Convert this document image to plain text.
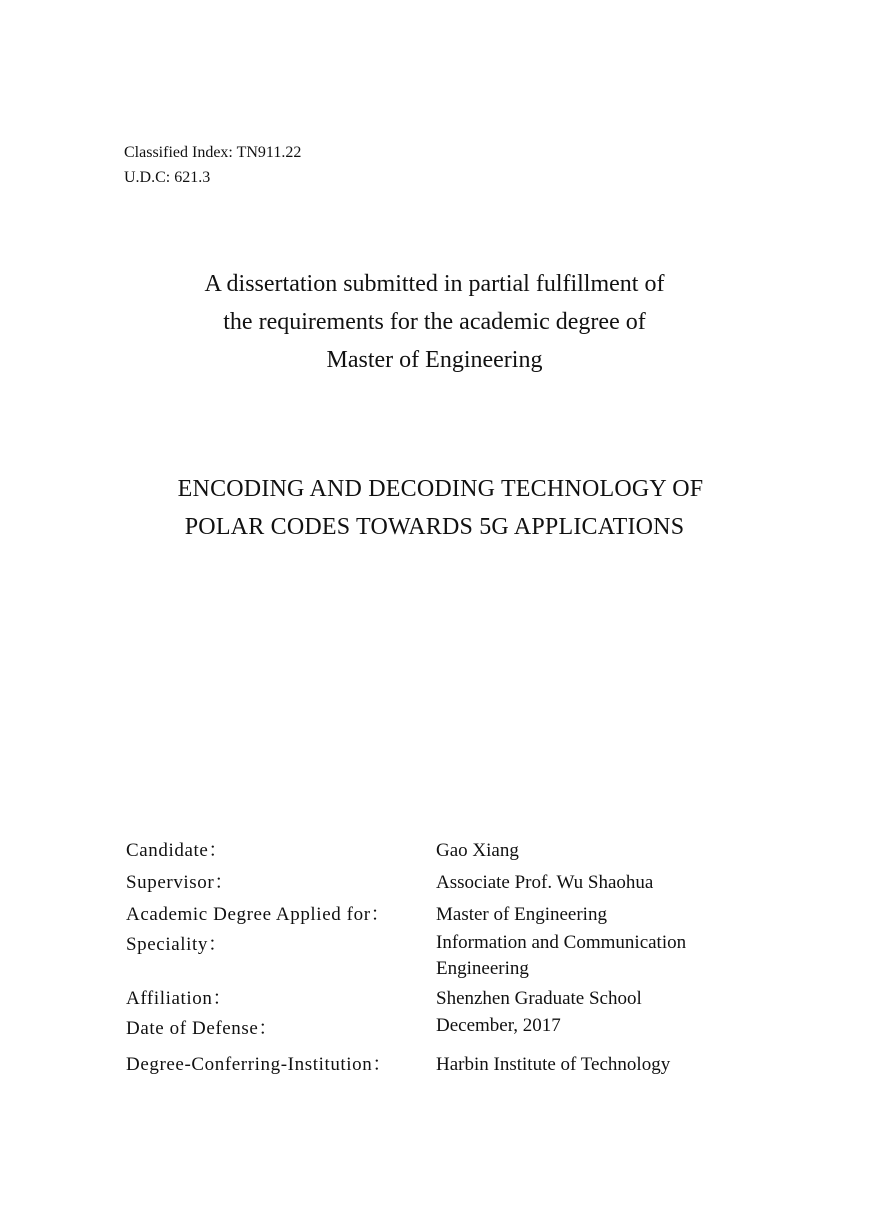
Classified Index: TN911.22
U.D.C: 621.3
A dissertation submitted in partial fulfillment of
the requirements for the academic degree of
Master of Engineering
ENCODING AND DECODING TECHNOLOGY OF
POLAR CODES TOWARDS 5G APPLICATIONS
Candidate：	Gao Xiang
Supervisor：	Associate Prof. Wu Shaohua
Academic Degree Applied for：	Master of Engineering
Speciality：	Information and Communication Engineering
Affiliation：	Shenzhen Graduate School
Date of Defense：	December, 2017
Degree-Conferring-Institution：	Harbin Institute of Technology
